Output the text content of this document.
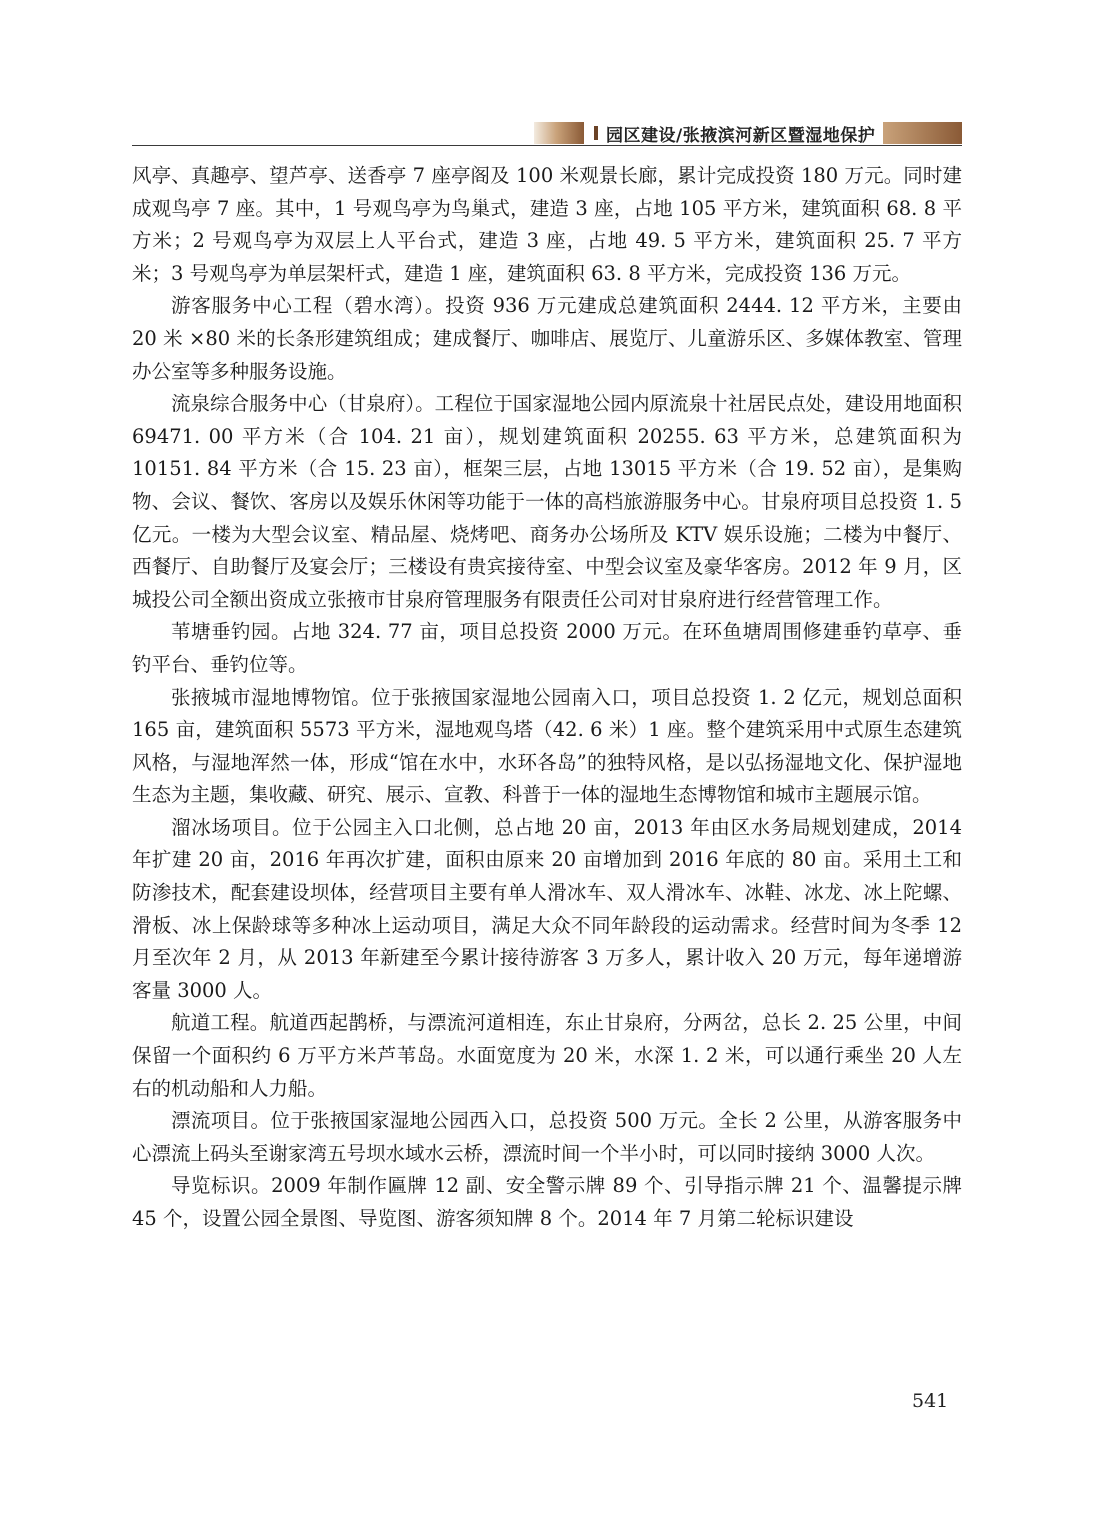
园区建设/张掖滨河新区暨湿地保护

风亭、真趣亭、望芦亭、送香亭 7 座亭阁及 100 米观景长廊，累计完成投资 180 万元。同时建成观鸟亭 7 座。其中，1 号观鸟亭为鸟巢式，建造 3 座，占地 105 平方米，建筑面积 68. 8 平方米；2 号观鸟亭为双层上人平台式，建造 3 座，占地 49. 5 平方米，建筑面积 25. 7 平方米；3 号观鸟亭为单层架杆式，建造 1 座，建筑面积 63. 8 平方米，完成投资 136 万元。

游客服务中心工程（碧水湾）。投资 936 万元建成总建筑面积 2444. 12 平方米，主要由 20 米 ×80 米的长条形建筑组成；建成餐厅、咖啡店、展览厅、儿童游乐区、多媒体教室、管理办公室等多种服务设施。

流泉综合服务中心（甘泉府）。工程位于国家湿地公园内原流泉十社居民点处，建设用地面积 69471. 00 平方米（合 104. 21 亩），规划建筑面积 20255. 63 平方米，总建筑面积为 10151. 84 平方米（合 15. 23 亩），框架三层，占地 13015 平方米（合 19. 52 亩），是集购物、会议、餐饮、客房以及娱乐休闲等功能于一体的高档旅游服务中心。甘泉府项目总投资 1. 5 亿元。一楼为大型会议室、精品屋、烧烤吧、商务办公场所及 KTV 娱乐设施；二楼为中餐厅、西餐厅、自助餐厅及宴会厅；三楼设有贵宾接待室、中型会议室及豪华客房。2012 年 9 月，区城投公司全额出资成立张掖市甘泉府管理服务有限责任公司对甘泉府进行经营管理工作。

苇塘垂钓园。占地 324. 77 亩，项目总投资 2000 万元。在环鱼塘周围修建垂钓草亭、垂钓平台、垂钓位等。

张掖城市湿地博物馆。位于张掖国家湿地公园南入口，项目总投资 1. 2 亿元，规划总面积 165 亩，建筑面积 5573 平方米，湿地观鸟塔（42. 6 米）1 座。整个建筑采用中式原生态建筑风格，与湿地浑然一体，形成“馆在水中，水环各岛”的独特风格，是以弘扬湿地文化、保护湿地生态为主题，集收藏、研究、展示、宣教、科普于一体的湿地生态博物馆和城市主题展示馆。

溜冰场项目。位于公园主入口北侧，总占地 20 亩，2013 年由区水务局规划建成，2014 年扩建 20 亩，2016 年再次扩建，面积由原来 20 亩增加到 2016 年底的 80 亩。采用土工和防渗技术，配套建设坝体，经营项目主要有单人滑冰车、双人滑冰车、冰鞋、冰龙、冰上陀螺、滑板、冰上保龄球等多种冰上运动项目，满足大众不同年龄段的运动需求。经营时间为冬季 12 月至次年 2 月，从 2013 年新建至今累计接待游客 3 万多人，累计收入 20 万元，每年递增游客量 3000 人。

航道工程。航道西起鹊桥，与漂流河道相连，东止甘泉府，分两岔，总长 2. 25 公里，中间保留一个面积约 6 万平方米芦苇岛。水面宽度为 20 米，水深 1. 2 米，可以通行乘坐 20 人左右的机动船和人力船。

漂流项目。位于张掖国家湿地公园西入口，总投资 500 万元。全长 2 公里，从游客服务中心漂流上码头至谢家湾五号坝水域水云桥，漂流时间一个半小时，可以同时接纳 3000 人次。

导览标识。2009 年制作匾牌 12 副、安全警示牌 89 个、引导指示牌 21 个、温馨提示牌 45 个，设置公园全景图、导览图、游客须知牌 8 个。2014 年 7 月第二轮标识建设

541
